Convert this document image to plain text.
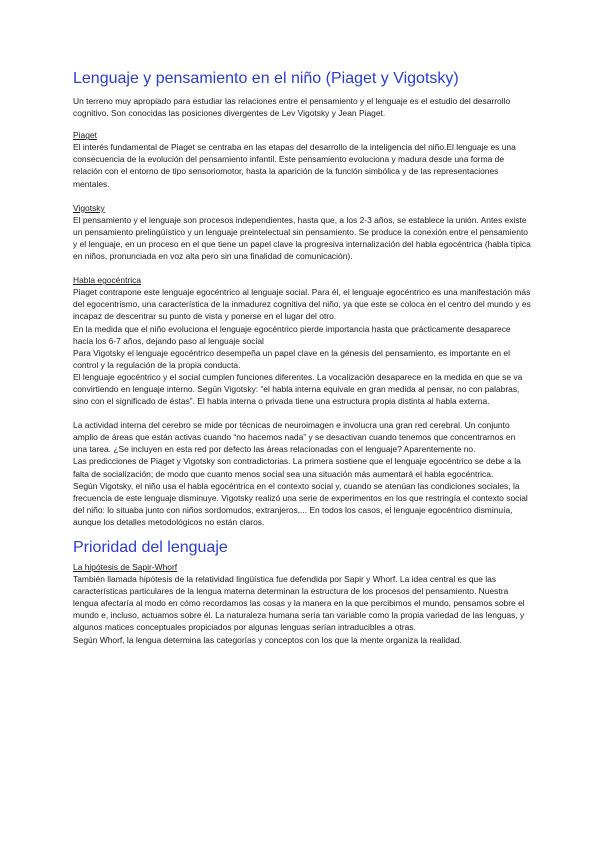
Lenguaje y pensamiento en el niño (Piaget y Vigotsky)

Un terreno muy apropiado para estudiar las relaciones entre el pensamiento y el lenguaje es el estudio del desarrollo cognitivo. Son conocidas las posiciones divergentes de Lev Vigotsky y Jean Piaget.

Piaget

El interés fundamental de Piaget se centraba en las etapas del desarrollo de la inteligencia del niño.El lenguaje es una consecuencia de la evolución del pensamiento infantil. Este pensamiento evoluciona y madura desde una forma de relación con el entorno de tipo sensoriomotor, hasta la aparición de la función simbólica y de las representaciones mentales.

Vigotsky

El pensamiento y el lenguaje son procesos independientes, hasta que, a los 2-3 años, se establece la unión. Antes existe un pensamiento prelingüístico y un lenguaje preintelectual sin pensamiento. Se produce la conexión entre el pensamiento y el lenguaje, en un proceso en el que tiene un papel clave la progresiva internalización del habla egocéntrica (habla típica en niños, pronunciada en voz alta pero sin una finalidad de comunicación).

Habla egocéntrica

Piaget contrapone este lenguaje egocéntrico al lenguaje social. Para él, el lenguaje egocéntrico es una manifestación más del egocentrismo, una característica de la inmadurez cognitiva del niño, ya que este se coloca en el centro del mundo y es incapaz de descentrar su punto de vista y ponerse en el lugar del otro.

En la medida que el niño evoluciona el lenguaje egocéntrico pierde importancia hasta que prácticamente desaparece hacia los 6-7 años, dejando paso al lenguaje social

Para Vigotsky el lenguaje egocéntrico desempeña un papel clave en la génesis del pensamiento, es importante en el control y la regulación de la propia conducta.

El lenguaje egocéntrico y el social cumplen funciones diferentes. La vocalización desaparece en la medida en que se va convirtiendo en lenguaje interno. Según Vigotsky: “el habla interna equivale en gran medida al pensar, no con palabras, sino con el significado de éstas”. El habla interna o privada tiene una estructura propia distinta al habla externa.

La actividad interna del cerebro se mide por técnicas de neuroimagen e involucra una gran red cerebral. Un conjunto amplio de áreas que están activas cuando “no hacemos nada” y se desactivan cuando tenemos que concentrarnos en una tarea. ¿Se incluyen en esta red por defecto las áreas relacionadas con el lenguaje? Aparentemente no.

Las predicciones de Piaget y Vigotsky son contradictorias. La primera sostiene que el lenguaje egocéntrico se debe a la falta de socialización; de modo que cuanto menos social sea una situación más aumentará el habla egocéntrica.

Según Vigotsky, el niño usa el habla egocéntrica en el contexto social y, cuando se atenúan las condiciones sociales, la frecuencia de este lenguaje disminuye. Vigotsky realizó una serie de experimentos en los que restringía el contexto social del niño: lo situaba junto con niños sordomudos, extranjeros,... En todos los casos, el lenguaje egocéntrico disminuía, aunque los detalles metodológicos no están claros.

Prioridad del lenguaje
La hipótesis de Sapir-Whorf

También llamada hipótesis de la relatividad lingüística fue defendida por Sapir y Whorf. La idea central es que las características particulares de la lengua materna determinan la estructura de los procesos del pensamiento. Nuestra lengua afectaría al modo en cómo recordamos las cosas y la manera en la que percibimos el mundo, pensamos sobre el mundo e, incluso, actuamos sobre él. La naturaleza humana sería tan variable como la propia variedad de las lenguas, y algunos matices conceptuales propiciados por algunas lenguas serían intraducibles a otras.

Según Whorf, la lengua determina las categorías y conceptos con los que la mente organiza la realidad.
